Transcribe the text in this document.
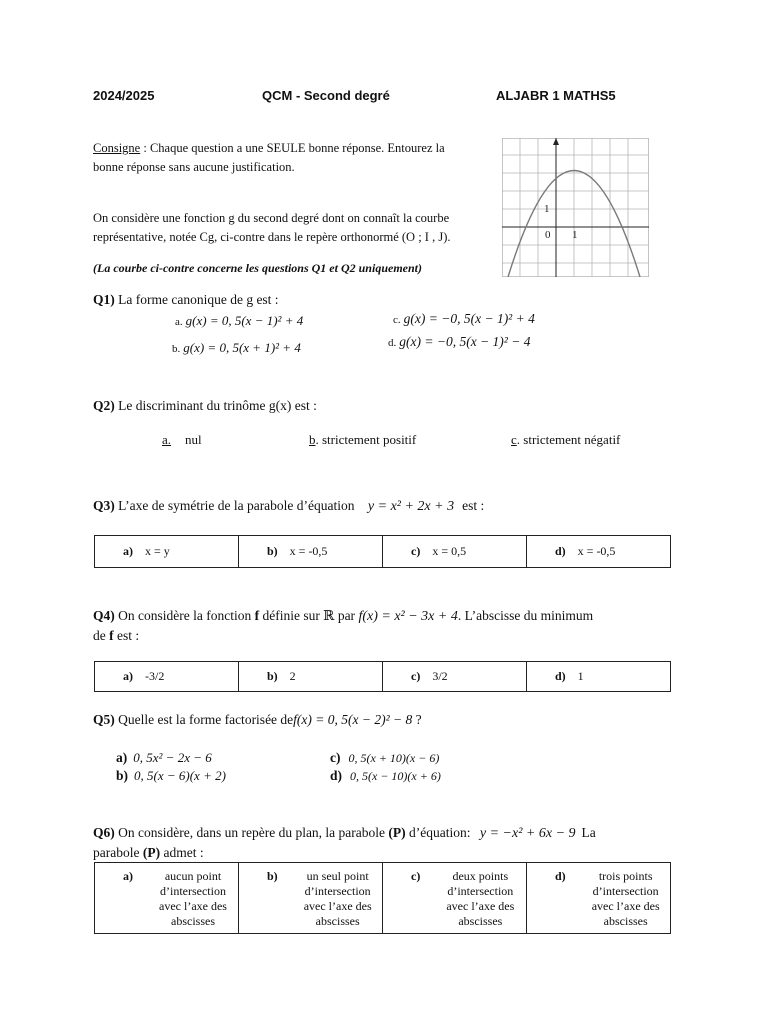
2024/2025	QCM - Second degré	ALJABR 1 MATHS5
Consigne : Chaque question a une SEULE bonne réponse. Entourez la
bonne réponse sans aucune justification.
On considère une fonction g du second degré dont on connaît la courbe
représentative, notée Cg, ci-contre dans le repère orthonormé (O ; I , J).
(La courbe ci-contre concerne les questions Q1 et Q2 uniquement)
1
0 1
Q1) La forme canonique de g est :
a. g(x) = 0, 5(x − 1)² + 4
b. g(x) = 0, 5(x + 1)² + 4
c. g(x) = −0, 5(x − 1)² + 4
d. g(x) = −0, 5(x − 1)² − 4
Q2) Le discriminant du trinôme g(x) est :
a. nul	b. strictement positif	c. strictement négatif
Q3) L’axe de symétrie de la parabole d’équation y = x² + 2x + 3 est :
a) x = y	b) x = -0,5	c) x = 0,5	d) x = -0,5
Q4) On considère la fonction f définie sur ℝ par f(x) = x² − 3x + 4. L’abscisse du minimum
de f est :
a) -3/2	b) 2	c) 3/2	d) 1
Q5) Quelle est la forme factorisée def(x) = 0, 5(x − 2)² − 8 ?
a) 0, 5x² − 2x − 6
b) 0, 5(x − 6)(x + 2)
c) 0, 5(x + 10)(x − 6)
d) 0, 5(x − 10)(x + 6)
Q6) On considère, dans un repère du plan, la parabole (P) d’équation: y = −x² + 6x − 9 La
parabole (P) admet :
a)	aucun point
d’intersection
avec l’axe des
abscisses

b)	un seul point
d’intersection
avec l’axe des
abscisses

c)	deux points
d’intersection
avec l’axe des
abscisses

d)	trois points
d’intersection
avec l’axe des
abscisses
